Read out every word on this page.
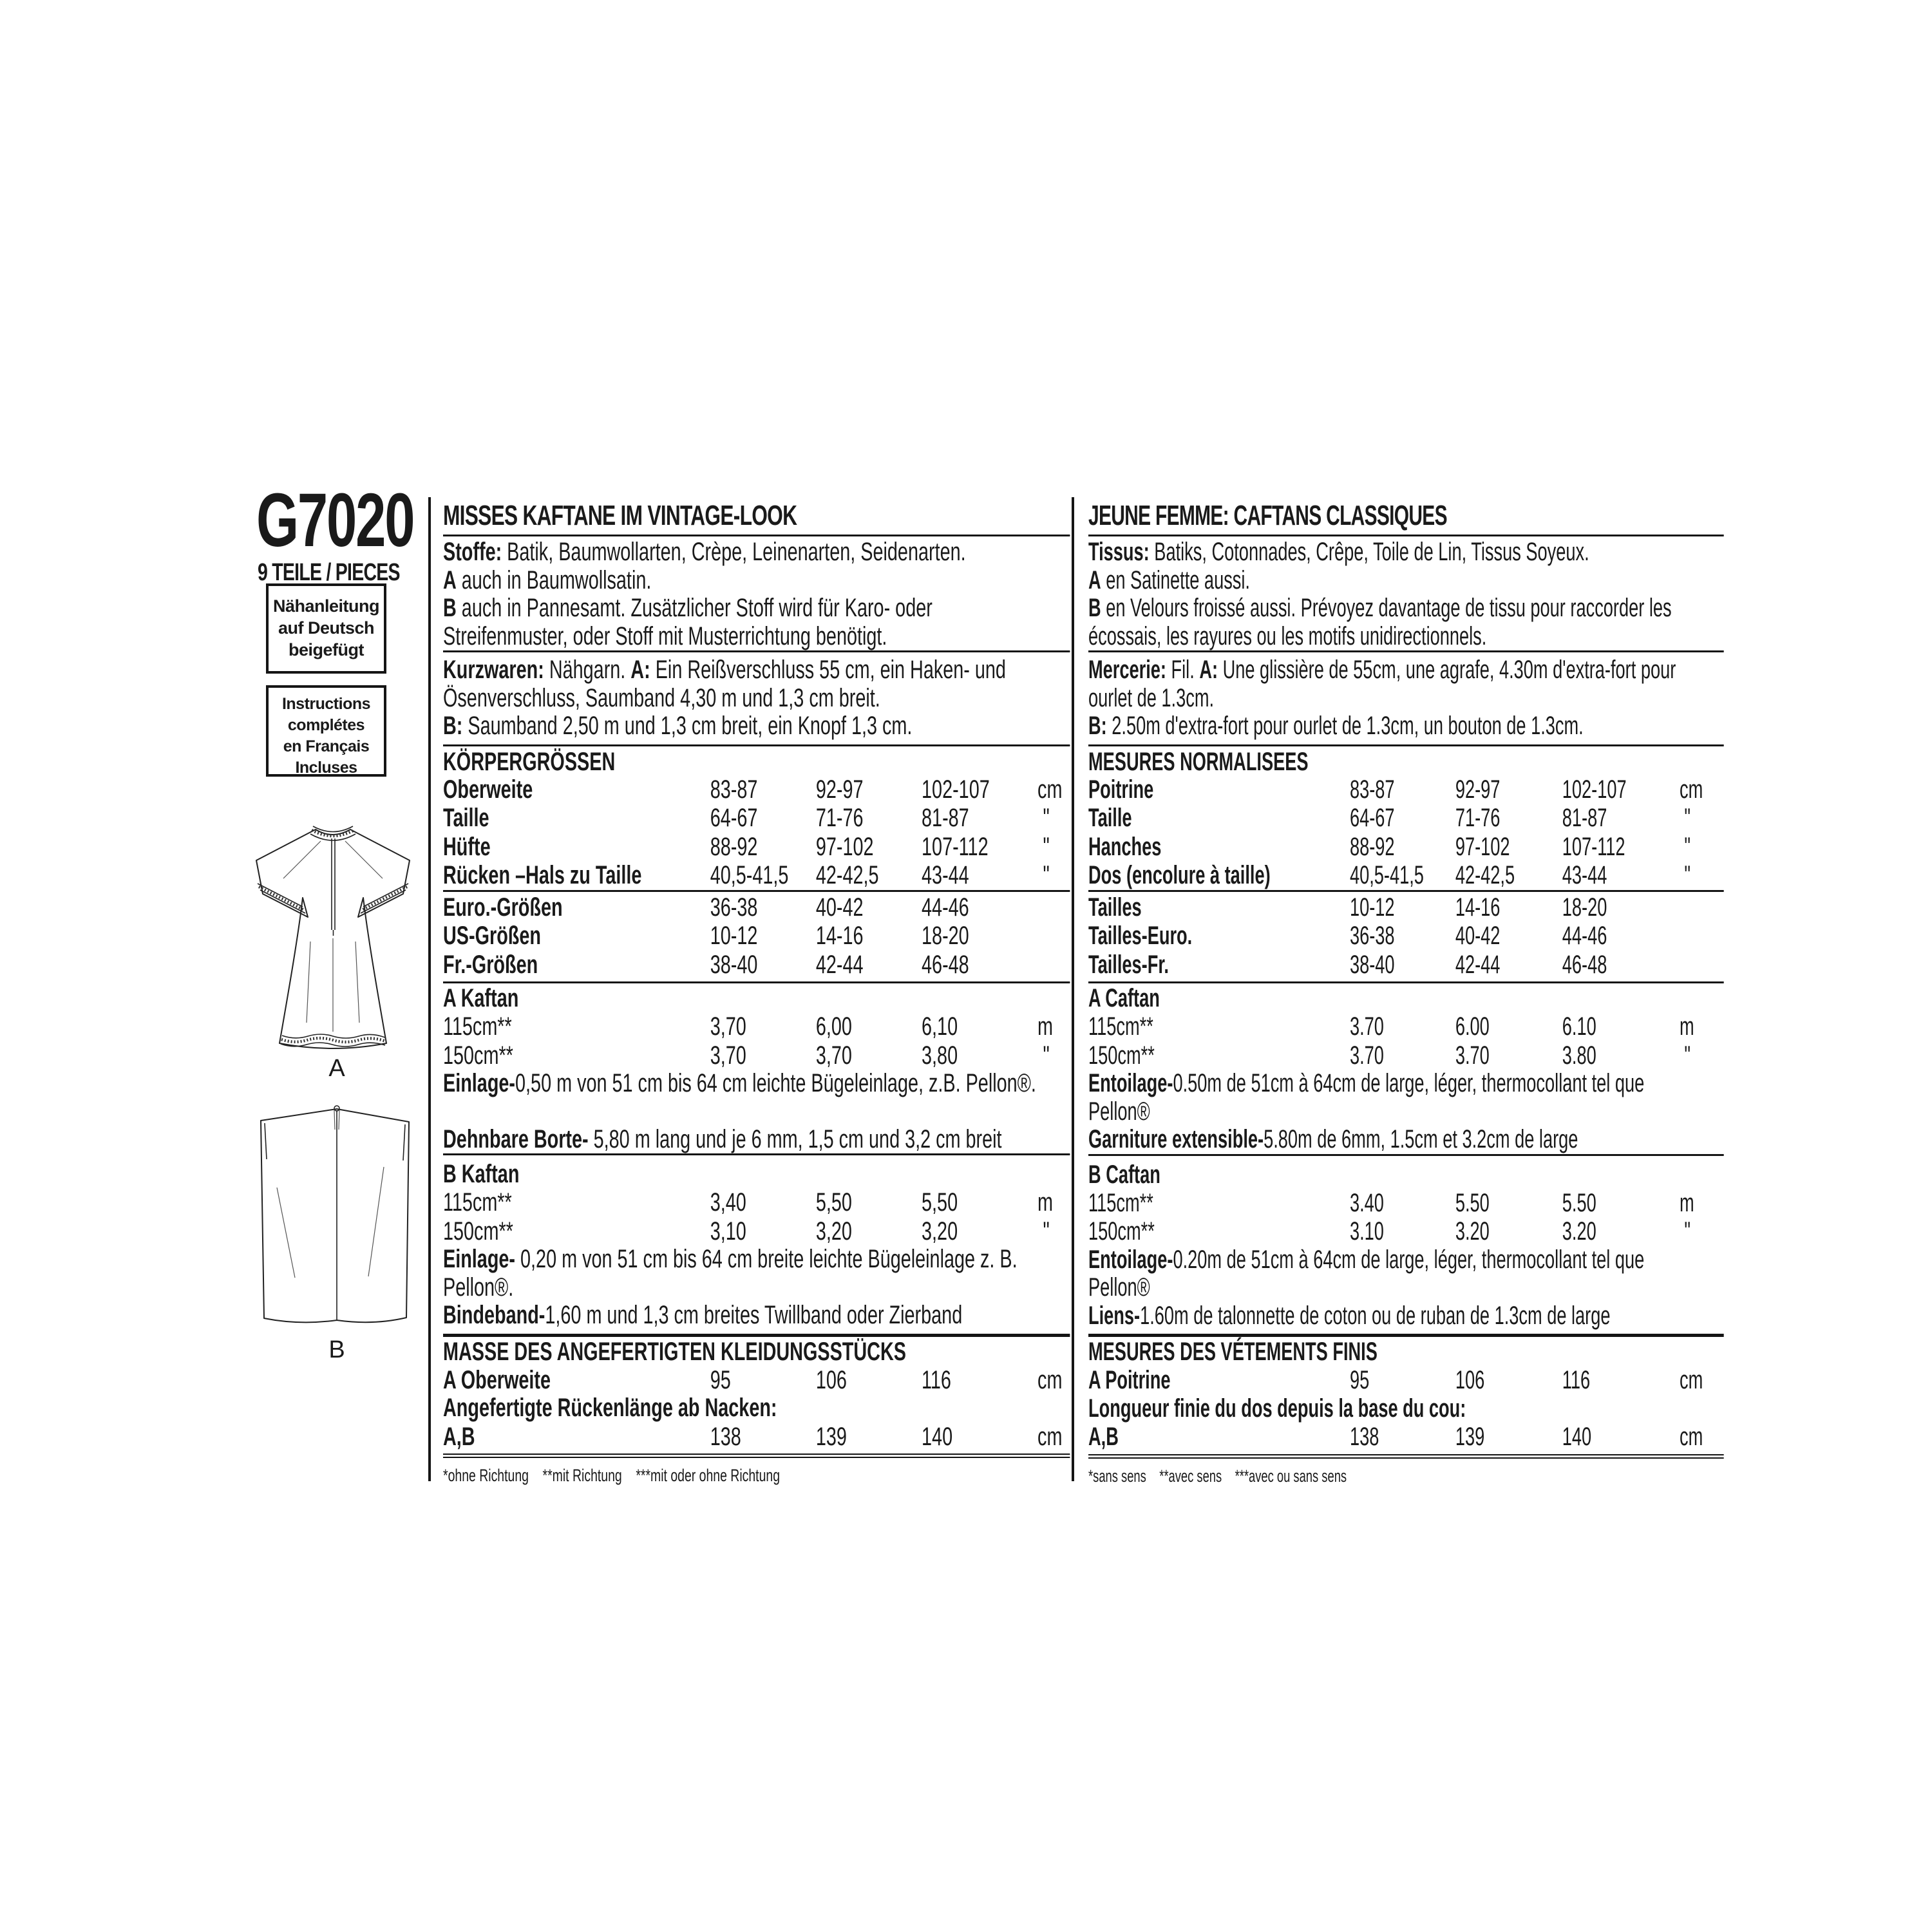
G7020
9 TEILE / PIECES
Nähanleitung
auf Deutsch
beigefügt
Instructions
complétes
en Français
Incluses
A
B
MISSES KAFTANE IM VINTAGE-LOOK
Stoffe: Batik, Baumwollarten, Crèpe, Leinenarten, Seidenarten.
A auch in Baumwollsatin.
B auch in Pannesamt. Zusätzlicher Stoff wird für Karo- oder
Streifenmuster, oder Stoff mit Musterrichtung benötigt.
Kurzwaren: Nähgarn. A: Ein Reißverschluss 55 cm, ein Haken- und
Ösenverschluss, Saumband 4,30 m und 1,3 cm breit.
B: Saumband 2,50 m und 1,3 cm breit, ein Knopf 1,3 cm.
KÖRPERGRÖSSEN
Oberweite	83-87	92-97	102-107	cm
Taille	64-67	71-76	81-87	"
Hüfte	88-92	97-102	107-112	"
Rücken –Hals zu Taille	40,5-41,5	42-42,5	43-44	"
Euro.-Größen	36-38	40-42	44-46
US-Größen	10-12	14-16	18-20
Fr.-Größen	38-40	42-44	46-48
A Kaftan
115cm**	3,70	6,00	6,10	m
150cm**	3,70	3,70	3,80	"
Einlage-0,50 m von 51 cm bis 64 cm leichte Bügeleinlage, z.B. Pellon®.
Dehnbare Borte- 5,80 m lang und je 6 mm, 1,5 cm und 3,2 cm breit
B Kaftan
115cm**	3,40	5,50	5,50	m
150cm**	3,10	3,20	3,20	"
Einlage- 0,20 m von 51 cm bis 64 cm breite leichte Bügeleinlage z. B.
Pellon®.
Bindeband-1,60 m und 1,3 cm breites Twillband oder Zierband
MASSE DES ANGEFERTIGTEN KLEIDUNGSSTÜCKS
A Oberweite	95	106	116	cm
Angefertigte Rückenlänge ab Nacken:
A,B	138	139	140	cm
*ohne Richtung **mit Richtung ***mit oder ohne Richtung
JEUNE FEMME: CAFTANS CLASSIQUES
Tissus: Batiks, Cotonnades, Crêpe, Toile de Lin, Tissus Soyeux.
A en Satinette aussi.
B en Velours froissé aussi. Prévoyez davantage de tissu pour raccorder les
écossais, les rayures ou les motifs unidirectionnels.
Mercerie: Fil. A: Une glissière de 55cm, une agrafe, 4.30m d'extra-fort pour
ourlet de 1.3cm.
B: 2.50m d'extra-fort pour ourlet de 1.3cm, un bouton de 1.3cm.
MESURES NORMALISEES
Poitrine	83-87	92-97	102-107	cm
Taille	64-67	71-76	81-87	"
Hanches	88-92	97-102	107-112	"
Dos (encolure à taille)	40,5-41,5	42-42,5	43-44	"
Tailles	10-12	14-16	18-20
Tailles-Euro.	36-38	40-42	44-46
Tailles-Fr.	38-40	42-44	46-48
A Caftan
115cm**	3.70	6.00	6.10	m
150cm**	3.70	3.70	3.80	"
Entoilage-0.50m de 51cm à 64cm de large, léger, thermocollant tel que
Pellon®
Garniture extensible-5.80m de 6mm, 1.5cm et 3.2cm de large
B Caftan
115cm**	3.40	5.50	5.50	m
150cm**	3.10	3.20	3.20	"
Entoilage-0.20m de 51cm à 64cm de large, léger, thermocollant tel que
Pellon®
Liens-1.60m de talonnette de coton ou de ruban de 1.3cm de large
MESURES DES VÉTEMENTS FINIS
A Poitrine	95	106	116	cm
Longueur finie du dos depuis la base du cou:
A,B	138	139	140	cm
*sans sens **avec sens ***avec ou sans sens
